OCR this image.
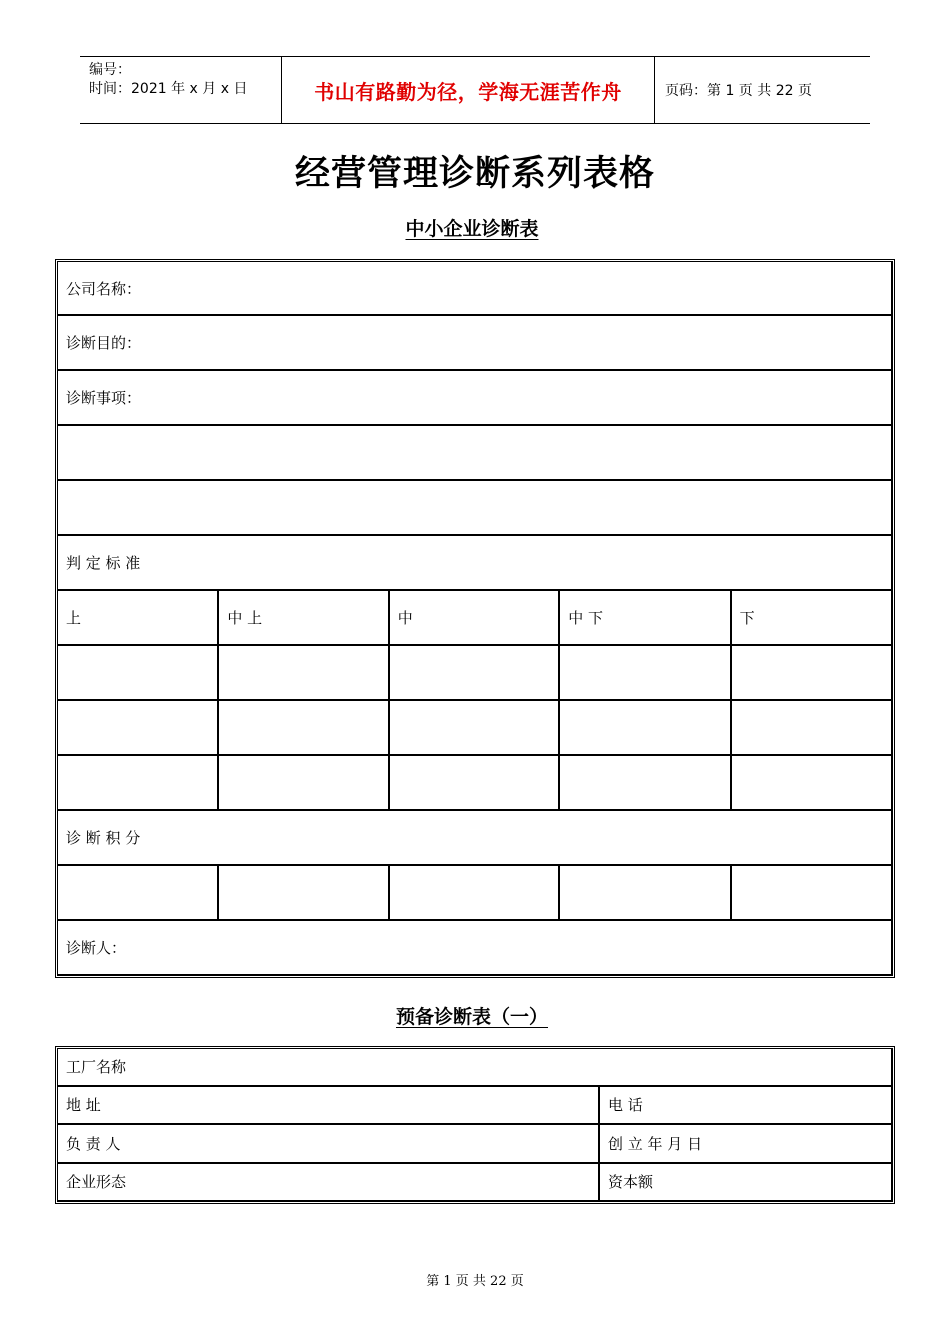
编号：
时间：2021 年 x 月 x 日	书山有路勤为径，学海无涯苦作舟	页码：第 1 页 共 22 页
经营管理诊断系列表格
中小企业诊断表
公司名称：				
诊断目的：				
诊断事项：				

判 定 标 准				
上	中 上	中	中 下	下

诊 断 积 分				

诊断人：				
预备诊断表（一）
工厂名称	
地 址	电 话
负 责 人	创 立 年 月 日
企业形态	资本额
第 1 页 共 22 页
